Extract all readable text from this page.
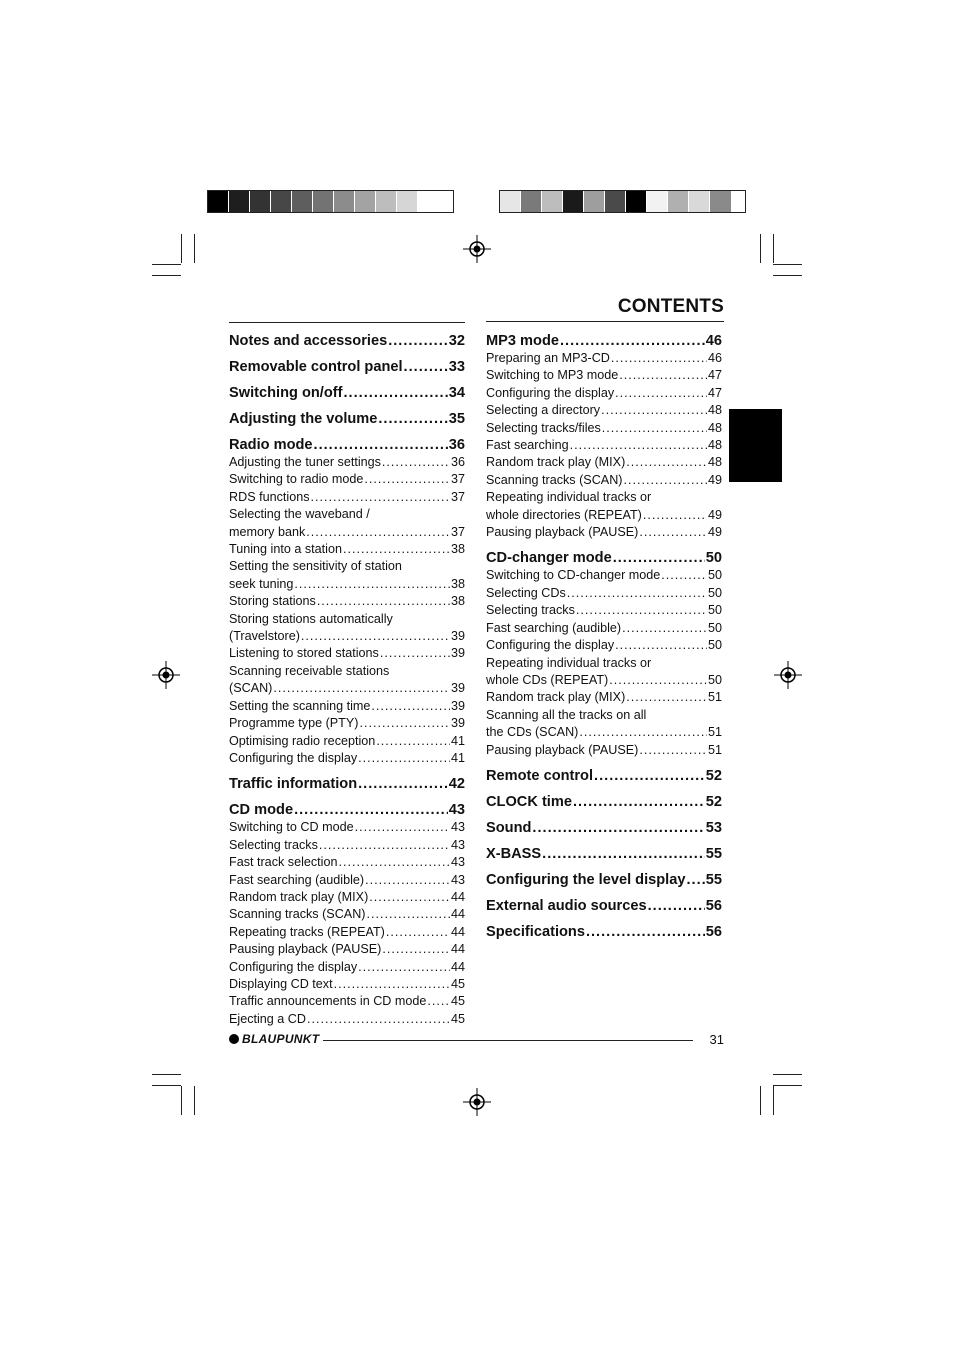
CONTENTS
Notes and accessories .....	32
Removable control panel .....	33
Switching on/off .....	34
Adjusting the volume .....	35
Radio mode .....	36
Adjusting the tuner settings .....	36
Switching to radio mode .....	37
RDS functions .....	37
Selecting the waveband /
memory bank .....	37
Tuning into a station .....	38
Setting the sensitivity of station
seek tuning .....	38
Storing stations .....	38
Storing stations automatically
(Travelstore) .....	39
Listening to stored stations .....	39
Scanning receivable stations
(SCAN) .....	39
Setting the scanning time .....	39
Programme type (PTY) .....	39
Optimising radio reception .....	41
Configuring the display .....	41
Traffic information .....	42
CD mode .....	43
Switching to CD mode .....	43
Selecting tracks .....	43
Fast track selection .....	43
Fast searching (audible) .....	43
Random track play (MIX) .....	44
Scanning tracks (SCAN) .....	44
Repeating tracks (REPEAT) .....	44
Pausing playback (PAUSE) .....	44
Configuring the display .....	44
Displaying CD text .....	45
Traffic announcements in CD mode ..... 45
Ejecting a CD .....	45
MP3 mode .....	46
Preparing an MP3-CD .....	46
Switching to MP3 mode .....	47
Configuring the display .....	47
Selecting a directory .....	48
Selecting tracks/files .....	48
Fast searching .....	48
Random track play (MIX) .....	48
Scanning tracks (SCAN) .....	49
Repeating individual tracks or
whole directories (REPEAT) .....	49
Pausing playback (PAUSE) .....	49
CD-changer mode .....	50
Switching to CD-changer mode .....	50
Selecting CDs .....	50
Selecting tracks .....	50
Fast searching (audible) .....	50
Configuring the display .....	50
Repeating individual tracks or
whole CDs (REPEAT) .....	50
Random track play (MIX) .....	51
Scanning all the tracks on all
the CDs (SCAN) .....	51
Pausing playback (PAUSE) .....	51
Remote control .....	52
CLOCK time .....	52
Sound .....	53
X-BASS .....	55
Configuring the level display ..... 55
External audio sources .....	56
Specifications .....	56
BLAUPUNKT	31
